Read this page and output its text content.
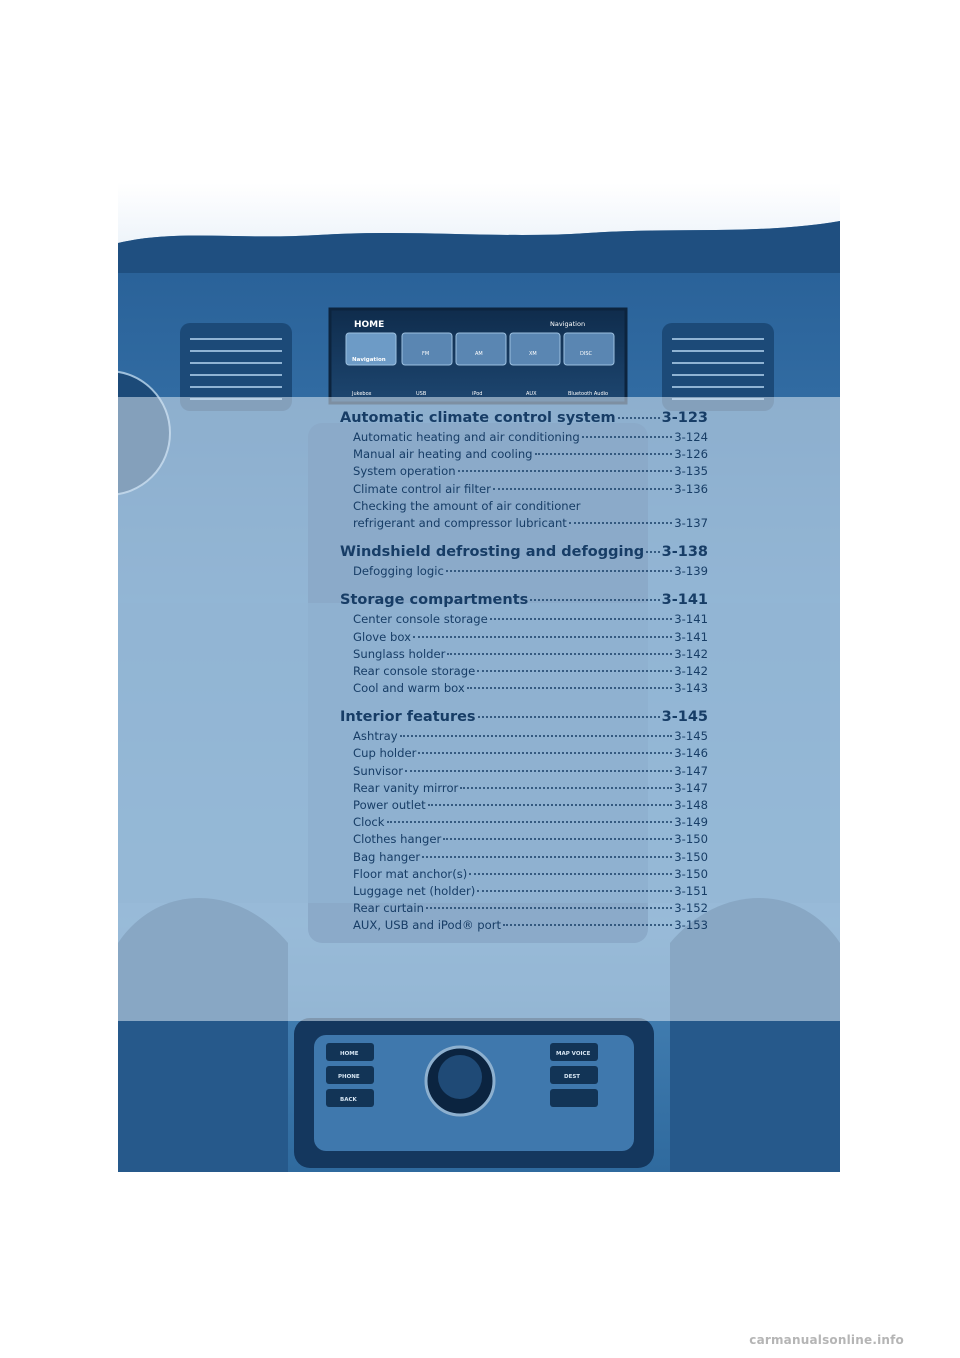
HOME	Navigation
Navigation
FM	AM	XM	DISC
Jukebox	USB	iPod	AUX	Bluetooth Audio
HOME
PHONE
BACK
MAP VOICE
DEST
Automatic climate control system	3-123
Automatic heating and air conditioning	3-124
Manual air heating and cooling	3-126
System operation	3-135
Climate control air filter	3-136
Checking the amount of air conditioner
refrigerant and compressor lubricant	3-137
Windshield defrosting and defogging 3-138
Defogging logic	3-139
Storage compartments	3-141
Center console storage	3-141
Glove box	3-141
Sunglass holder	3-142
Rear console storage	3-142
Cool and warm box	3-143
Interior features	3-145
Ashtray	3-145
Cup holder	3-146
Sunvisor	3-147
Rear vanity mirror	3-147
Power outlet	3-148
Clock	3-149
Clothes hanger	3-150
Bag hanger	3-150
Floor mat anchor(s)	3-150
Luggage net (holder)	3-151
Rear curtain	3-152
AUX, USB and iPod® port	3-153
carmanualsonline.info
